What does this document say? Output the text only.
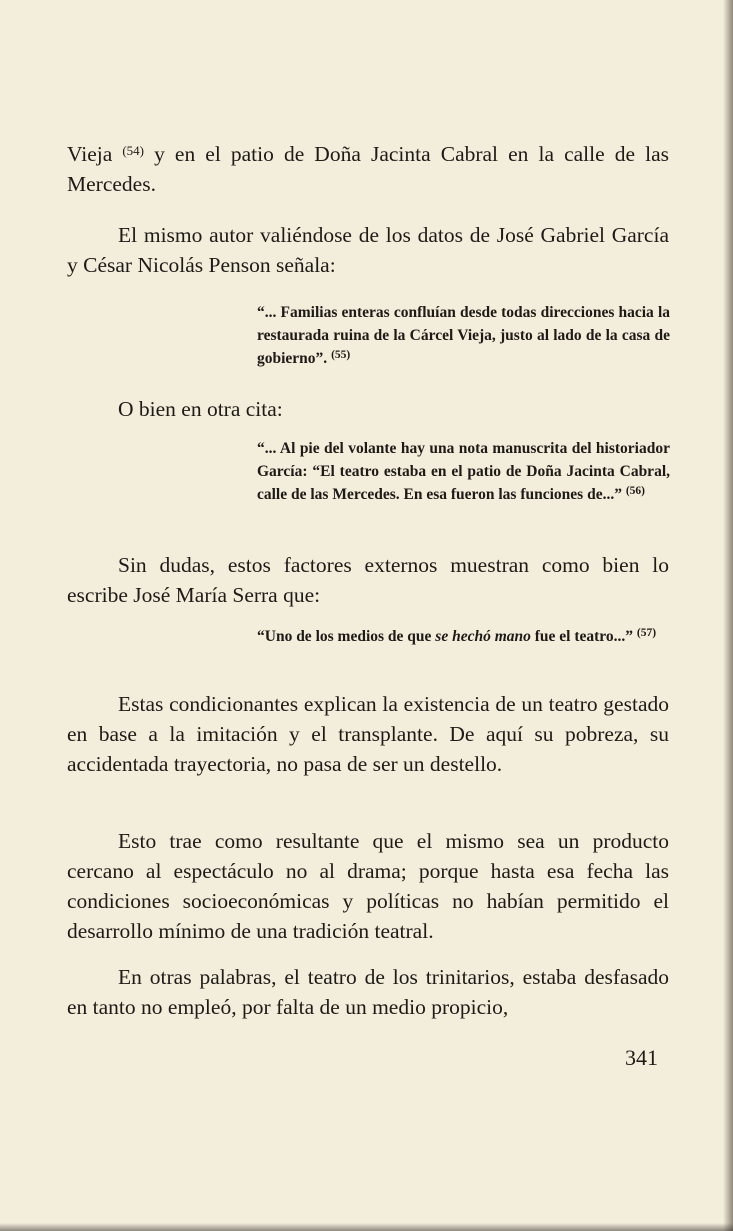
Vieja $^{(54)}$ y en el patio de Doña Jacinta Cabral en la calle de las Mercedes.

El mismo autor valiéndose de los datos de José Gabriel García y César Nicolás Penson señala:

“... Familias enteras confluían desde todas direcciones hacia la restaurada ruina de la Cárcel Vieja, justo al lado de la casa de gobierno”. $^{(55)}$

O bien en otra cita:

“... Al pie del volante hay una nota manuscrita del historiador García: “El teatro estaba en el patio de Doña Jacinta Cabral, calle de las Mercedes. En esa fueron las funciones de...” $^{(56)}$

Sin dudas, estos factores externos muestran como bien lo escribe José María Serra que:

“Uno de los medios de que se hechó mano fue el teatro...” $^{(57)}$

Estas condicionantes explican la existencia de un teatro gestado en base a la imitación y el transplante. De aquí su pobreza, su accidentada trayectoria, no pasa de ser un destello.

Esto trae como resultante que el mismo sea un producto cercano al espectáculo no al drama; porque hasta esa fecha las condiciones socioeconómicas y políticas no habían permitido el desarrollo mínimo de una tradición teatral.

En otras palabras, el teatro de los trinitarios, estaba desfasado en tanto no empleó, por falta de un medio propicio,

341
